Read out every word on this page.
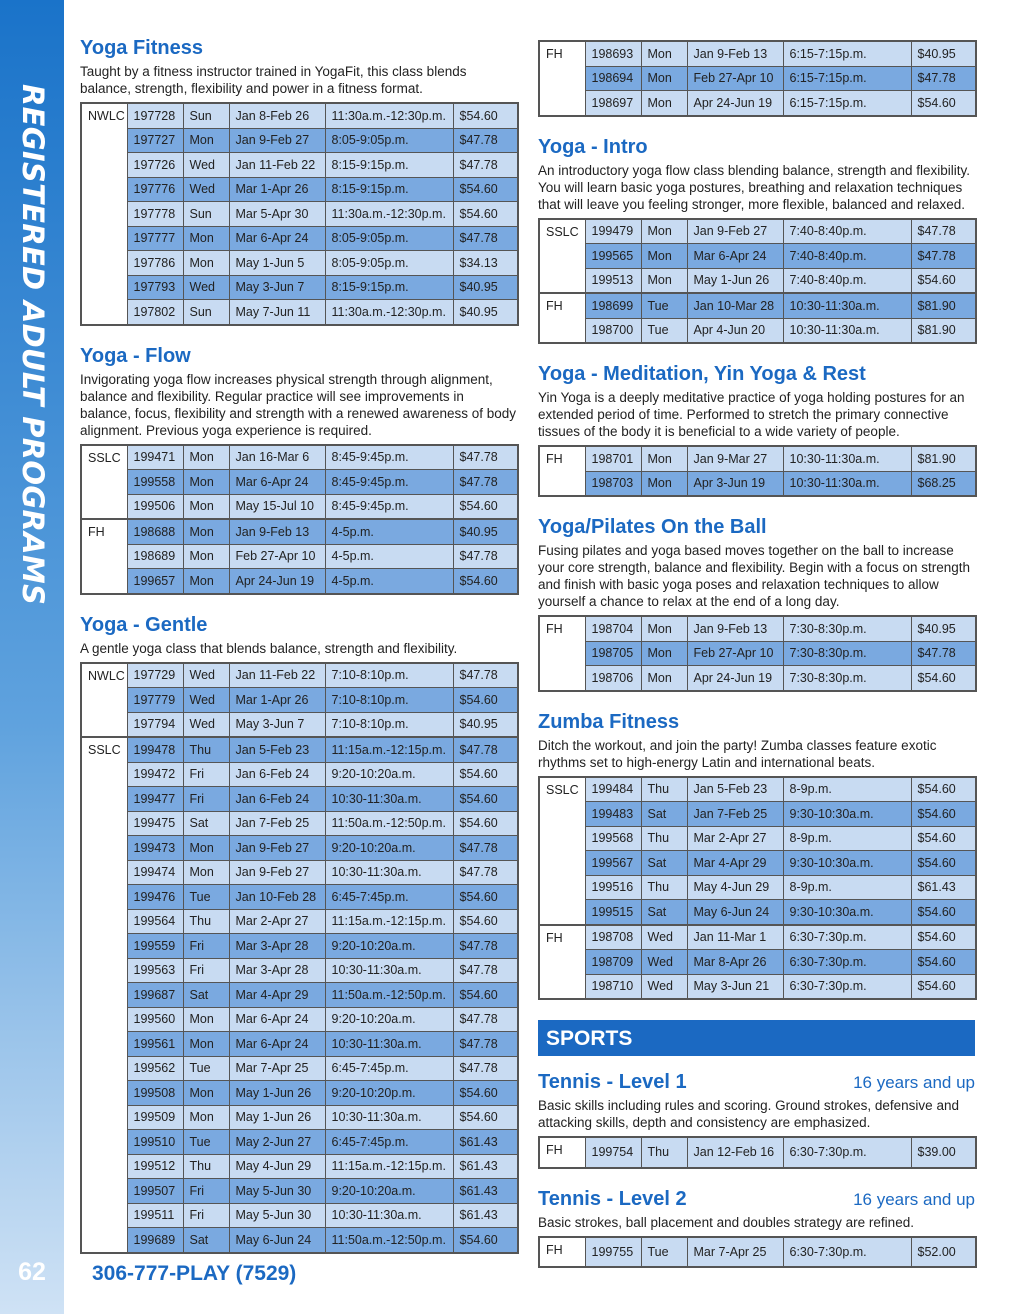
REGISTERED ADULT PROGRAMS
62	306-777-PLAY (7529)
Yoga Fitness

Taught by a fitness instructor trained in YogaFit, this class blends balance, strength, flexibility and power in a fitness format.

NWLC	197728	Sun	Jan 8-Feb 26	11:30a.m.-12:30p.m.	$54.60
	197727	Mon	Jan 9-Feb 27	8:05-9:05p.m.	$47.78
	197726	Wed	Jan 11-Feb 22	8:15-9:15p.m.	$47.78
	197776	Wed	Mar 1-Apr 26	8:15-9:15p.m.	$54.60
	197778	Sun	Mar 5-Apr 30	11:30a.m.-12:30p.m.	$54.60
	197777	Mon	Mar 6-Apr 24	8:05-9:05p.m.	$47.78
	197786	Mon	May 1-Jun 5	8:05-9:05p.m.	$34.13
	197793	Wed	May 3-Jun 7	8:15-9:15p.m.	$40.95
	197802	Sun	May 7-Jun 11	11:30a.m.-12:30p.m.	$40.95
Yoga - Flow

Invigorating yoga flow increases physical strength through alignment, balance and flexibility. Regular practice will see improvements in balance, focus, flexibility and strength with a renewed awareness of body alignment. Previous yoga experience is required.

SSLC	199471	Mon	Jan 16-Mar 6	8:45-9:45p.m.	$47.78
	199558	Mon	Mar 6-Apr 24	8:45-9:45p.m.	$47.78
	199506	Mon	May 15-Jul 10	8:45-9:45p.m.	$54.60
FH	198688	Mon	Jan 9-Feb 13	4-5p.m.	$40.95
	198689	Mon	Feb 27-Apr 10	4-5p.m.	$47.78
	199657	Mon	Apr 24-Jun 19	4-5p.m.	$54.60
Yoga - Gentle

A gentle yoga class that blends balance, strength and flexibility.

NWLC	197729	Wed	Jan 11-Feb 22	7:10-8:10p.m.	$47.78
	197779	Wed	Mar 1-Apr 26	7:10-8:10p.m.	$54.60
	197794	Wed	May 3-Jun 7	7:10-8:10p.m.	$40.95
SSLC	199478	Thu	Jan 5-Feb 23	11:15a.m.-12:15p.m.	$47.78
	199472	Fri	Jan 6-Feb 24	9:20-10:20a.m.	$54.60
	199477	Fri	Jan 6-Feb 24	10:30-11:30a.m.	$54.60
	199475	Sat	Jan 7-Feb 25	11:50a.m.-12:50p.m.	$54.60
	199473	Mon	Jan 9-Feb 27	9:20-10:20a.m.	$47.78
	199474	Mon	Jan 9-Feb 27	10:30-11:30a.m.	$47.78
	199476	Tue	Jan 10-Feb 28	6:45-7:45p.m.	$54.60
	199564	Thu	Mar 2-Apr 27	11:15a.m.-12:15p.m.	$54.60
	199559	Fri	Mar 3-Apr 28	9:20-10:20a.m.	$47.78
	199563	Fri	Mar 3-Apr 28	10:30-11:30a.m.	$47.78
	199687	Sat	Mar 4-Apr 29	11:50a.m.-12:50p.m.	$54.60
	199560	Mon	Mar 6-Apr 24	9:20-10:20a.m.	$47.78
	199561	Mon	Mar 6-Apr 24	10:30-11:30a.m.	$47.78
	199562	Tue	Mar 7-Apr 25	6:45-7:45p.m.	$47.78
	199508	Mon	May 1-Jun 26	9:20-10:20p.m.	$54.60
	199509	Mon	May 1-Jun 26	10:30-11:30a.m.	$54.60
	199510	Tue	May 2-Jun 27	6:45-7:45p.m.	$61.43
	199512	Thu	May 4-Jun 29	11:15a.m.-12:15p.m.	$61.43
	199507	Fri	May 5-Jun 30	9:20-10:20a.m.	$61.43
	199511	Fri	May 5-Jun 30	10:30-11:30a.m.	$61.43
	199689	Sat	May 6-Jun 24	11:50a.m.-12:50p.m.	$54.60
FH	198693	Mon	Jan 9-Feb 13	6:15-7:15p.m.	$40.95
	198694	Mon	Feb 27-Apr 10	6:15-7:15p.m.	$47.78
	198697	Mon	Apr 24-Jun 19	6:15-7:15p.m.	$54.60
Yoga - Intro

An introductory yoga flow class blending balance, strength and flexibility. You will learn basic yoga postures, breathing and relaxation techniques that will leave you feeling stronger, more flexible, balanced and relaxed.

SSLC	199479	Mon	Jan 9-Feb 27	7:40-8:40p.m.	$47.78
	199565	Mon	Mar 6-Apr 24	7:40-8:40p.m.	$47.78
	199513	Mon	May 1-Jun 26	7:40-8:40p.m.	$54.60
FH	198699	Tue	Jan 10-Mar 28	10:30-11:30a.m.	$81.90
	198700	Tue	Apr 4-Jun 20	10:30-11:30a.m.	$81.90
Yoga - Meditation, Yin Yoga & Rest

Yin Yoga is a deeply meditative practice of yoga holding postures for an extended period of time. Performed to stretch the primary connective tissues of the body it is beneficial to a wide variety of people.

FH	198701	Mon	Jan 9-Mar 27	10:30-11:30a.m.	$81.90
	198703	Mon	Apr 3-Jun 19	10:30-11:30a.m.	$68.25
Yoga/Pilates On the Ball

Fusing pilates and yoga based moves together on the ball to increase your core strength, balance and flexibility. Begin with a focus on strength and finish with basic yoga poses and relaxation techniques to allow yourself a chance to relax at the end of a long day.

FH	198704	Mon	Jan 9-Feb 13	7:30-8:30p.m.	$40.95
	198705	Mon	Feb 27-Apr 10	7:30-8:30p.m.	$47.78
	198706	Mon	Apr 24-Jun 19	7:30-8:30p.m.	$54.60
Zumba Fitness

Ditch the workout, and join the party! Zumba classes feature exotic rhythms set to high-energy Latin and international beats.

SSLC	199484	Thu	Jan 5-Feb 23	8-9p.m.	$54.60
	199483	Sat	Jan 7-Feb 25	9:30-10:30a.m.	$54.60
	199568	Thu	Mar 2-Apr 27	8-9p.m.	$54.60
	199567	Sat	Mar 4-Apr 29	9:30-10:30a.m.	$54.60
	199516	Thu	May 4-Jun 29	8-9p.m.	$61.43
	199515	Sat	May 6-Jun 24	9:30-10:30a.m.	$54.60
FH	198708	Wed	Jan 11-Mar 1	6:30-7:30p.m.	$54.60
	198709	Wed	Mar 8-Apr 26	6:30-7:30p.m.	$54.60
	198710	Wed	May 3-Jun 21	6:30-7:30p.m.	$54.60
SPORTS
Tennis - Level 1	16 years and up

Basic skills including rules and scoring. Ground strokes, defensive and attacking skills, depth and consistency are emphasized.

FH	199754	Thu	Jan 12-Feb 16	6:30-7:30p.m.	$39.00
Tennis - Level 2	16 years and up

Basic strokes, ball placement and doubles strategy are refined.

FH	199755	Tue	Mar 7-Apr 25	6:30-7:30p.m.	$52.00
